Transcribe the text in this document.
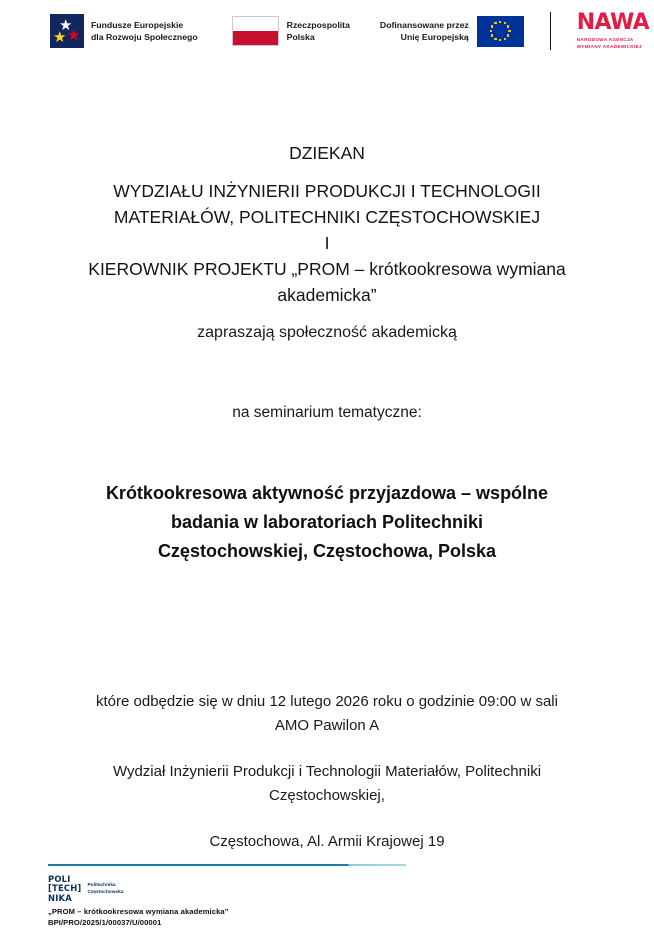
★
★ ★
Fundusze Europejskie
dla Rozwoju Społecznego
Rzeczpospolita
Polska
Dofinansowane przez
Unię Europejską
NAWA
NARODOWA AGENCJA
WYMIANY AKADEMICKIEJ
DZIEKAN
WYDZIAŁU INŻYNIERII PRODUKCJI I TECHNOLOGII
MATERIAŁÓW, POLITECHNIKI CZĘSTOCHOWSKIEJ
I
KIEROWNIK PROJEKTU „PROM – krótkookresowa wymiana
akademicka”
zapraszają społeczność akademicką
na seminarium tematyczne:
Krótkookresowa aktywność przyjazdowa – wspólne
badania w laboratoriach Politechniki
Częstochowskiej, Częstochowa, Polska
które odbędzie się w dniu 12 lutego 2026 roku o godzinie 09:00 w sali
AMO Pawilon A
Wydział Inżynierii Produkcji i Technologii Materiałów, Politechniki
Częstochowskiej,
Częstochowa, Al. Armii Krajowej 19
POLI
[TECH]
NIKA
Politechnika
Częstochowska
„PROM – krótkookresowa wymiana akademicka”
BPI/PRO/2025/1/00037/U/00001
